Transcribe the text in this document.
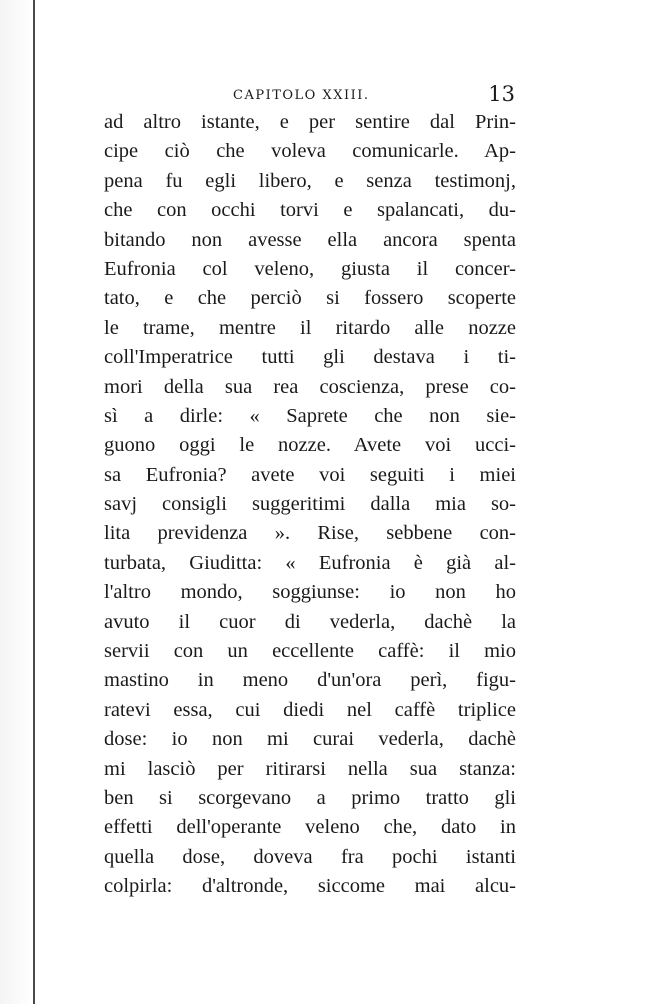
CAPITOLO XXIII.	13
ad altro istante, e per sentire dal Prin-
cipe ciò che voleva comunicarle. Ap-
pena fu egli libero, e senza testimonj,
che con occhi torvi e spalancati, du-
bitando non avesse ella ancora spenta
Eufronia col veleno, giusta il concer-
tato, e che perciò si fossero scoperte
le trame, mentre il ritardo alle nozze
coll'Imperatrice tutti gli destava i ti-
mori della sua rea coscienza, prese co-
sì a dirle: « Saprete che non sie-
guono oggi le nozze. Avete voi ucci-
sa Eufronia? avete voi seguiti i miei
savj consigli suggeritimi dalla mia so-
lita previdenza ». Rise, sebbene con-
turbata, Giuditta: « Eufronia è già al-
l'altro mondo, soggiunse: io non ho
avuto il cuor di vederla, dachè la
servii con un eccellente caffè: il mio
mastino in meno d'un'ora perì, figu-
ratevi essa, cui diedi nel caffè triplice
dose: io non mi curai vederla, dachè
mi lasciò per ritirarsi nella sua stanza:
ben si scorgevano a primo tratto gli
effetti dell'operante veleno che, dato in
quella dose, doveva fra pochi istanti
colpirla: d'altronde, siccome mai alcu-
